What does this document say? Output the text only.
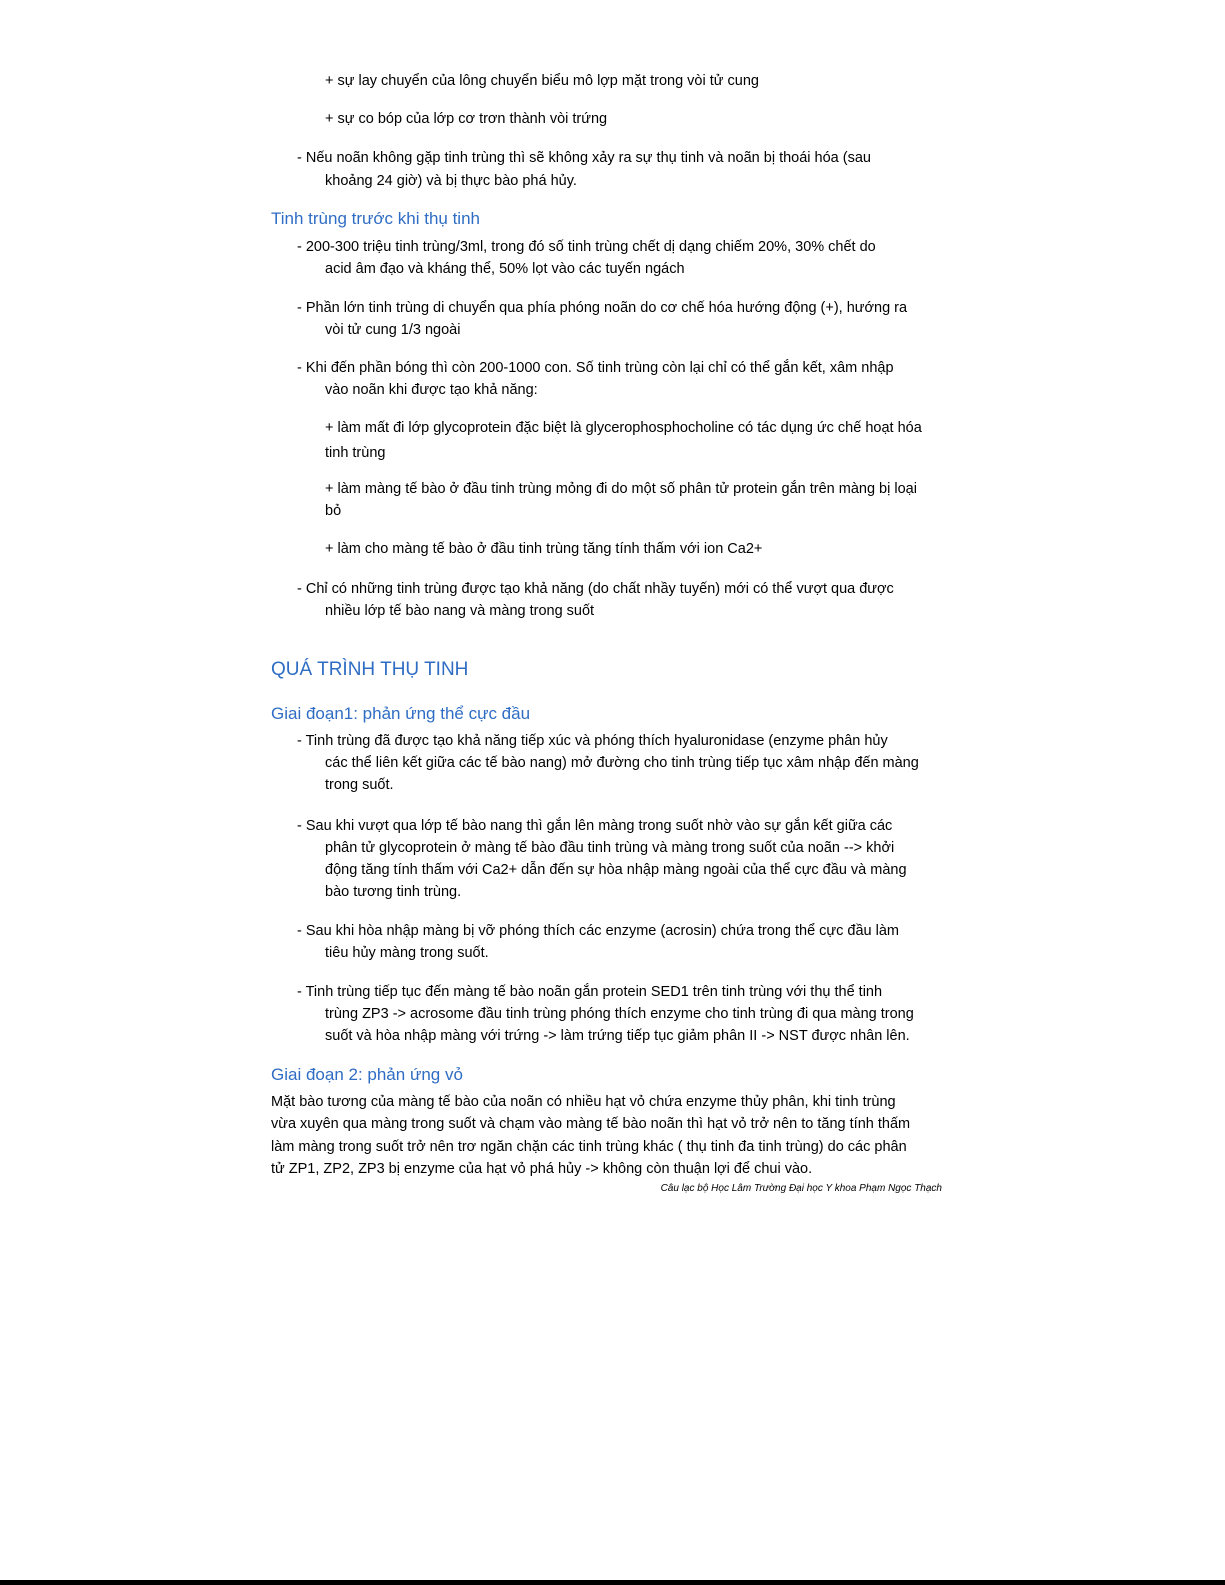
+ sự lay chuyển của lông chuyển biểu mô lợp mặt trong vòi tử cung
+ sự co bóp của lớp cơ trơn thành vòi trứng
- Nếu noãn không gặp tinh trùng thì sẽ không xảy ra sự thụ tinh và noãn bị thoái hóa (sau
khoảng 24 giờ) và bị thực bào phá hủy.
Tinh trùng trước khi thụ tinh
- 200-300 triệu tinh trùng/3ml, trong đó số tinh trùng chết dị dạng chiếm 20%, 30% chết do
acid âm đạo và kháng thể, 50% lọt vào các tuyến ngách
- Phần lớn tinh trùng di chuyển qua phía phóng noãn do cơ chế hóa hướng động (+), hướng ra
vòi tử cung 1/3 ngoài
- Khi đến phần bóng thì còn 200-1000 con. Số tinh trùng còn lại chỉ có thể gắn kết, xâm nhập
vào noãn khi được tạo khả năng:
+ làm mất đi lớp glycoprotein đặc biệt là glycerophosphocholine có tác dụng ức chế hoạt hóa
tinh trùng
+ làm màng tế bào ở đầu tinh trùng mỏng đi do một số phân tử protein gắn trên màng bị loại
bỏ
+ làm cho màng tế bào ở đầu tinh trùng tăng tính thấm với ion Ca2+
- Chỉ có những tinh trùng được tạo khả năng (do chất nhầy tuyến) mới có thể vượt qua được
nhiều lớp tế bào nang và màng trong suốt
QUÁ TRÌNH THỤ TINH
Giai đoạn1: phản ứng thể cực đầu
- Tinh trùng đã được tạo khả năng tiếp xúc và phóng thích hyaluronidase (enzyme phân hủy
các thể liên kết giữa các tế bào nang) mở đường cho tinh trùng tiếp tục xâm nhập đến màng
trong suốt.
- Sau khi vượt qua lớp tế bào nang thì gắn lên màng trong suốt nhờ vào sự gắn kết giữa các
phân tử glycoprotein ở màng tế bào đầu tinh trùng và màng trong suốt của noãn --> khởi
động tăng tính thấm với Ca2+ dẫn đến sự hòa nhập màng ngoài của thể cực đầu và màng
bào tương tinh trùng.
- Sau khi hòa nhập màng bị vỡ phóng thích các enzyme (acrosin) chứa trong thể cực đầu làm
tiêu hủy màng trong suốt.
- Tinh trùng tiếp tục đến màng tế bào noãn gắn protein SED1 trên tinh trùng với thụ thể tinh
trùng ZP3 -> acrosome đầu tinh trùng phóng thích enzyme cho tinh trùng đi qua màng trong
suốt và hòa nhập màng với trứng -> làm trứng tiếp tục giảm phân II -> NST được nhân lên.
Giai đoạn 2: phản ứng vỏ
Mặt bào tương của màng tế bào của noãn có nhiều hạt vỏ chứa enzyme thủy phân, khi tinh trùng
vừa xuyên qua màng trong suốt và chạm vào màng tế bào noãn thì hạt vỏ trở nên to tăng tính thấm
làm màng trong suốt trở nên trơ ngăn chặn các tinh trùng khác ( thụ tinh đa tinh trùng) do các phân
tử ZP1, ZP2, ZP3 bị enzyme của hạt vỏ phá hủy -> không còn thuận lợi để chui vào.
Câu lạc bộ Học Lâm Trường Đại học Y khoa Phạm Ngọc Thạch
